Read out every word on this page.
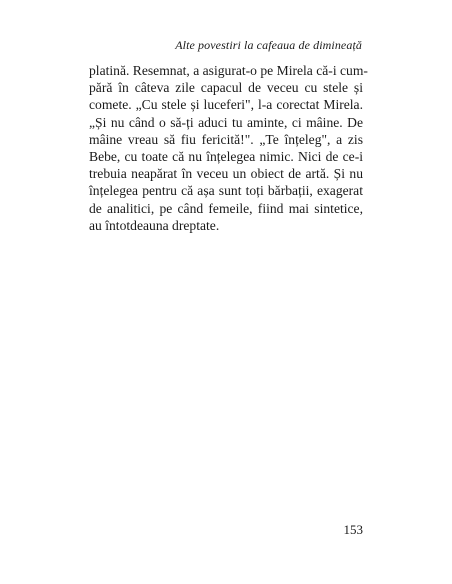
Alte povestiri la cafeaua de dimineață
platină. Resemnat, a asigurat-o pe Mirela că-i cum-
pără în câteva zile capacul de veceu cu stele și
comete. „Cu stele și luceferi", l-a corectat Mirela.
„Și nu când o să-ți aduci tu aminte, ci mâine. De
mâine vreau să fiu fericită!". „Te înțeleg", a zis
Bebe, cu toate că nu înțelegea nimic. Nici de ce-i
trebuia neapărat în veceu un obiect de artă. Și nu
înțelegea pentru că așa sunt toți bărbații, exagerat
de analitici, pe când femeile, fiind mai sintetice,
au întotdeauna dreptate.
153
